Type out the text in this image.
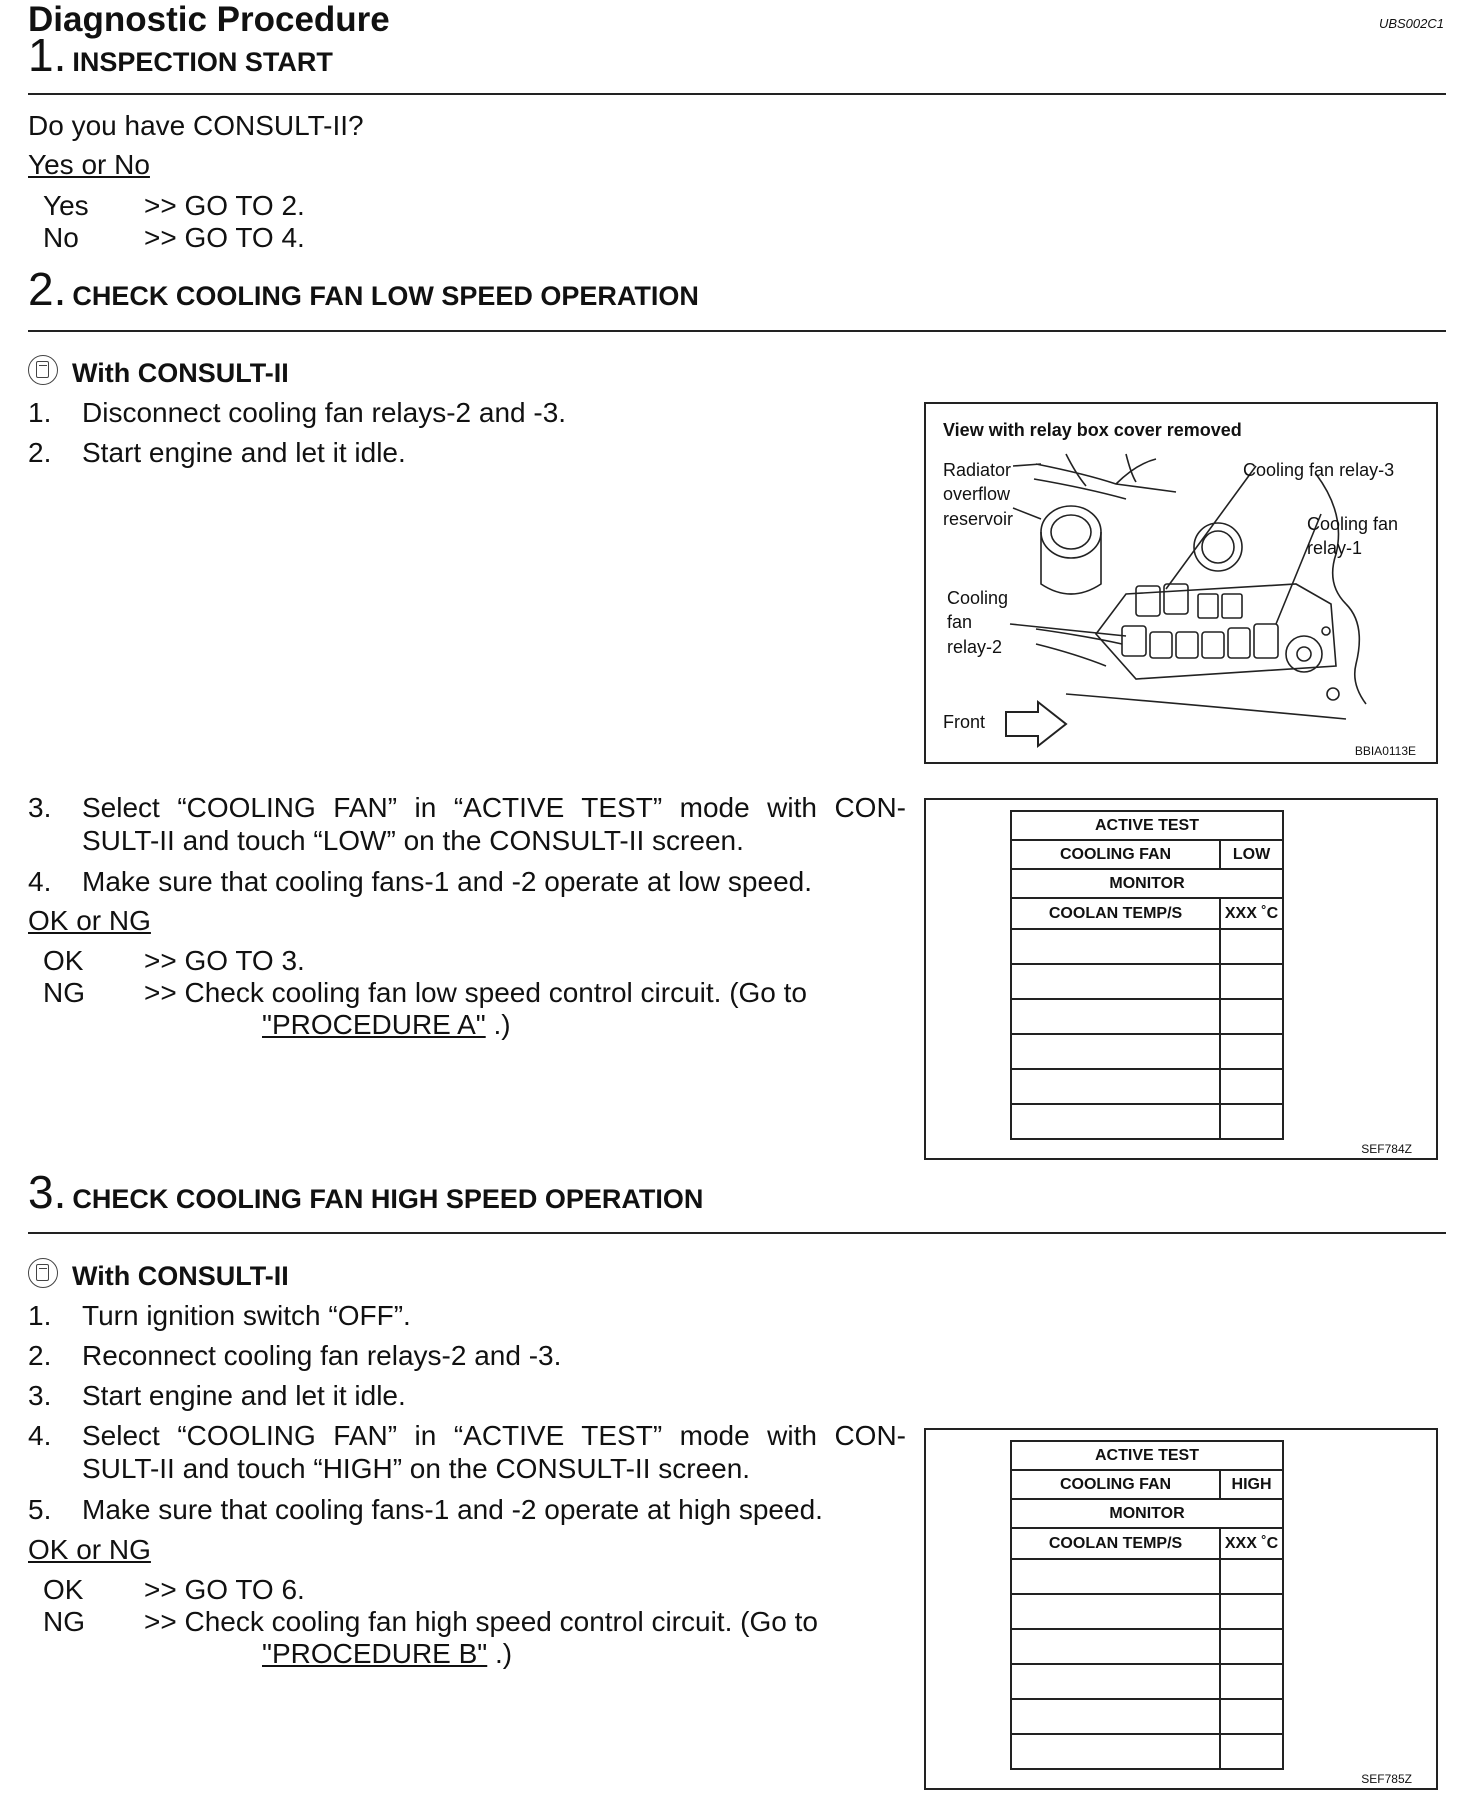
Diagnostic Procedure	UBS002C1
1. INSPECTION START
Do you have CONSULT-II?
Yes or No
Yes >> GO TO 2.
No >> GO TO 4.
2. CHECK COOLING FAN LOW SPEED OPERATION
With CONSULT-II
1. Disconnect cooling fan relays-2 and -3.
2. Start engine and let it idle.
View with relay box cover removed
Radiator
overflow
reservoir
Cooling fan relay-3
Cooling fan
relay-1
Cooling
fan
relay-2
Front
BBIA0113E
3. Select “COOLING FAN” in “ACTIVE TEST” mode with CON-
SULT-II and touch “LOW” on the CONSULT-II screen.
4. Make sure that cooling fans-1 and -2 operate at low speed.
OK or NG
OK >> GO TO 3.
NG >> Check cooling fan low speed control circuit. (Go to
"PROCEDURE A" .)
ACTIVE TEST	
COOLING FAN	LOW
MONITOR	
COOLAN TEMP/S	XXX ˚C

SEF784Z
3. CHECK COOLING FAN HIGH SPEED OPERATION
With CONSULT-II
1. Turn ignition switch “OFF”.
2. Reconnect cooling fan relays-2 and -3.
3. Start engine and let it idle.
4. Select “COOLING FAN” in “ACTIVE TEST” mode with CON-
SULT-II and touch “HIGH” on the CONSULT-II screen.
5. Make sure that cooling fans-1 and -2 operate at high speed.
OK or NG
OK >> GO TO 6.
NG >> Check cooling fan high speed control circuit. (Go to
"PROCEDURE B" .)
ACTIVE TEST	
COOLING FAN	HIGH
MONITOR	
COOLAN TEMP/S	XXX ˚C

SEF785Z
